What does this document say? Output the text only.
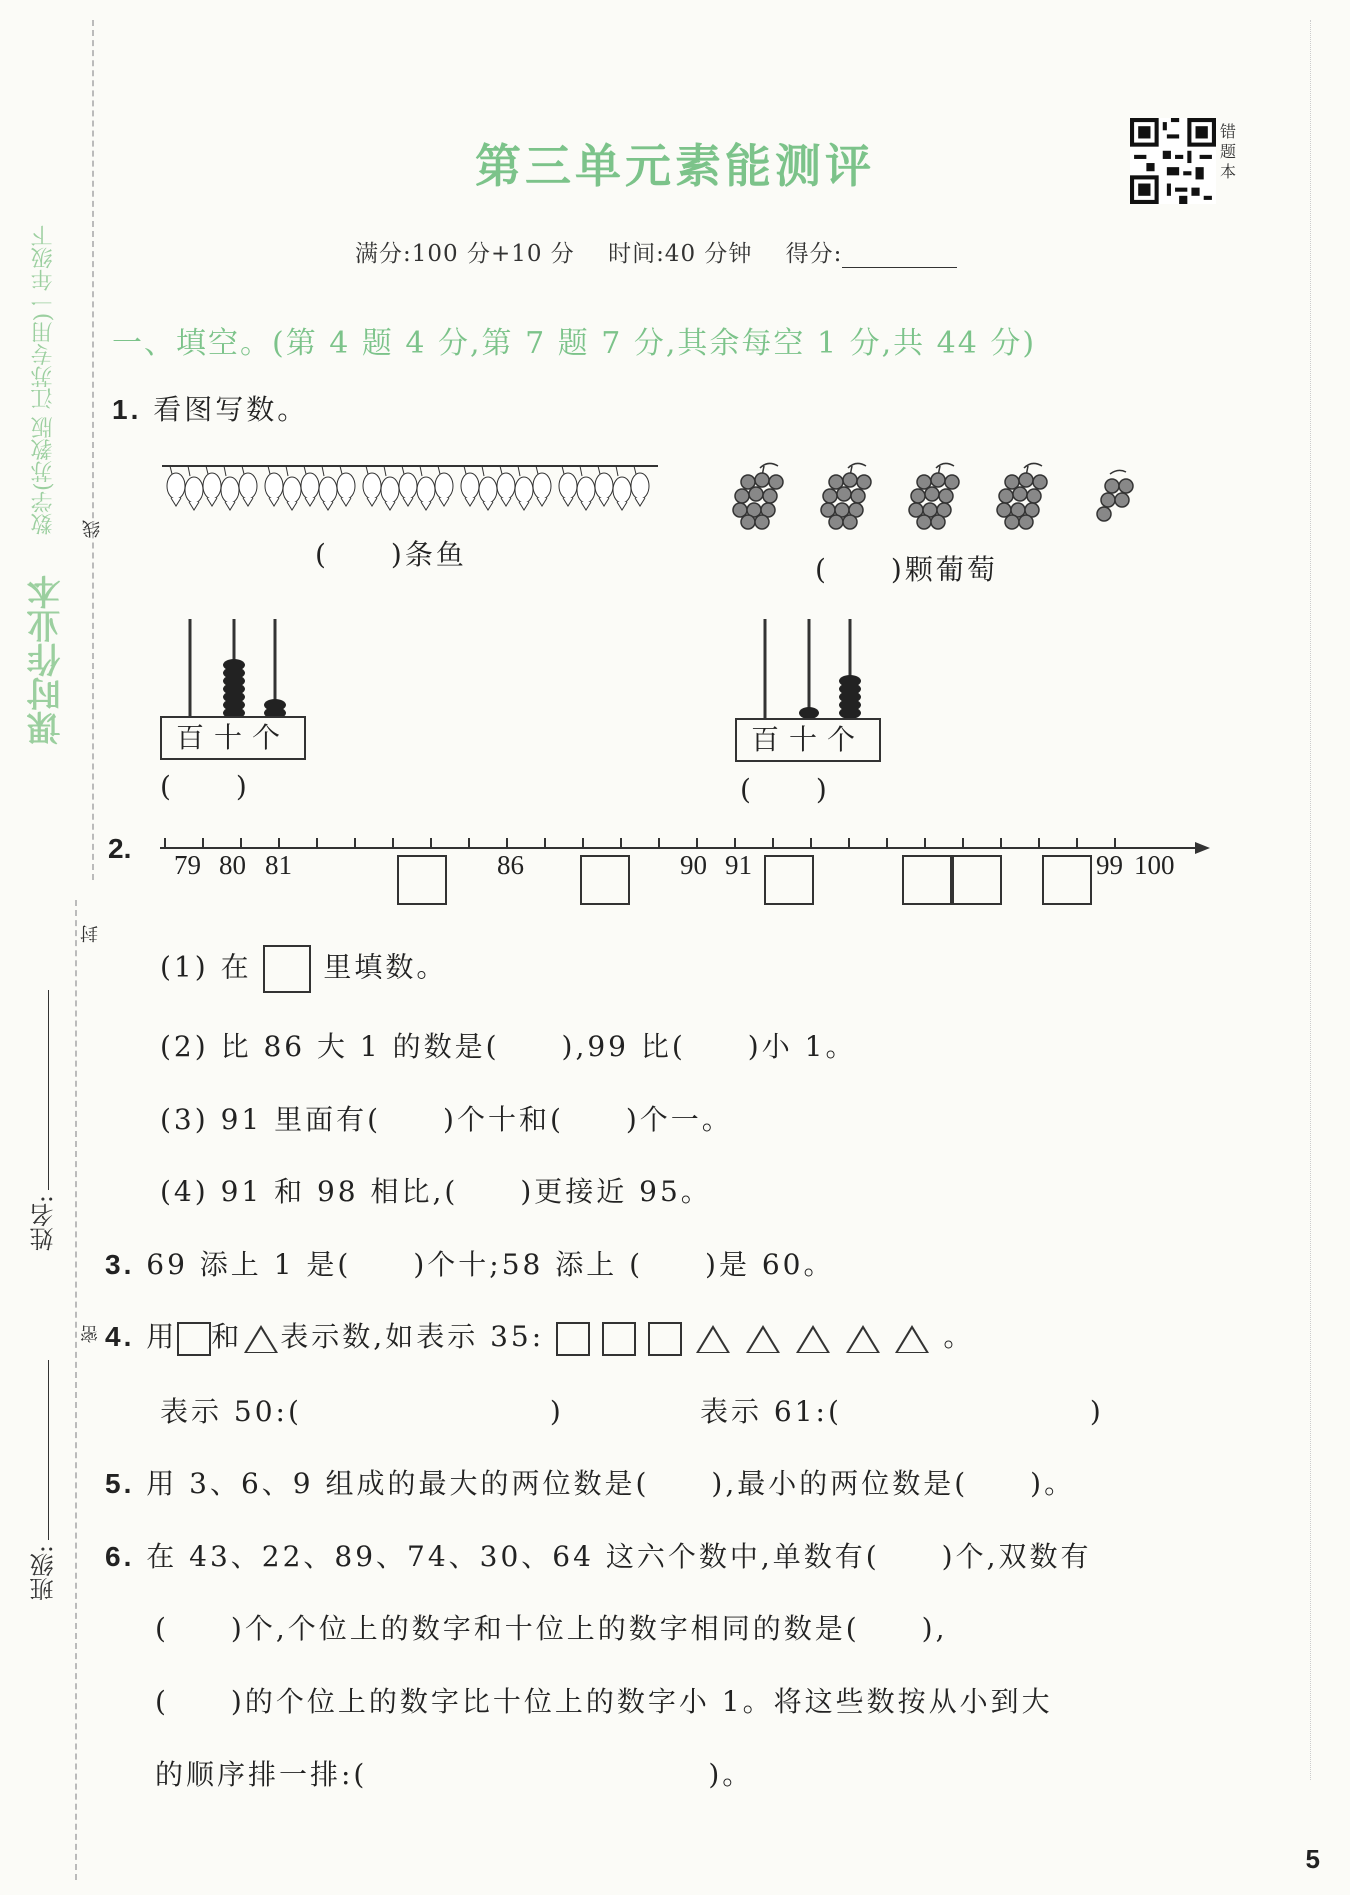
数学(苏教版 江苏专用)一年级下
课时作业本
线
封
密
姓名:
班级:
第三单元素能测评
错题本
满分:100 分+10 分 时间:40 分钟 得分:
一、填空。(第 4 题 4 分,第 7 题 7 分,其余每空 1 分,共 44 分)
1. 看图写数。
(　　)条鱼	(　　)颗葡萄
百十个
(　　)
百十个
(　　)
2.
79 80 81	86	90 91	99 100
(1) 在	里填数。
(2) 比 86 大 1 的数是(　　),99 比(　　)小 1。
(3) 91 里面有(　　)个十和(　　)个一。
(4) 91 和 98 相比,(　　)更接近 95。
3. 69 添上 1 是(　　)个十;58 添上 (　　)是 60。
4. 用 和 表示数,如表示 35:	。
表示 50:(　　　　　　　　)	表示 61:(　　　　　　　　)
5. 用 3、6、9 组成的最大的两位数是(　　),最小的两位数是(　　)。
6. 在 43、22、89、74、30、64 这六个数中,单数有(　　)个,双数有
(　　)个,个位上的数字和十位上的数字相同的数是(　　),
(　　)的个位上的数字比十位上的数字小 1。将这些数按从小到大
的顺序排一排:(　　　　　　　　　　　)。
5
